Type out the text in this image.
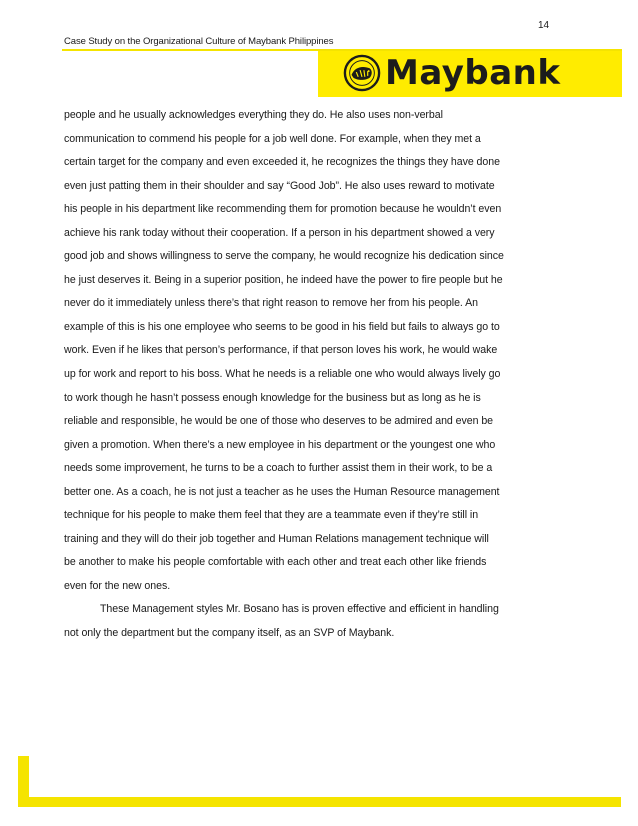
14
Case Study on the Organizational Culture of Maybank Philippines
Maybank

people and he usually acknowledges everything they do. He also uses non-verbal

communication to commend his people for a job well done. For example, when they met a

certain target for the company and even exceeded it, he recognizes the things they have done

even just patting them in their shoulder and say “Good Job”. He also uses reward to motivate

his people in his department like recommending them for promotion because he wouldn’t even

achieve his rank today without their cooperation. If a person in his department showed a very

good job and shows willingness to serve the company, he would recognize his dedication since

he just deserves it. Being in a superior position, he indeed have the power to fire people but he

never do it immediately unless there’s that right reason to remove her from his people. An

example of this is his one employee who seems to be good in his field but fails to always go to

work. Even if he likes that person’s performance, if that person loves his work, he would wake

up for work and report to his boss. What he needs is a reliable one who would always lively go

to work though he hasn’t possess enough knowledge for the business but as long as he is

reliable and responsible, he would be one of those who deserves to be admired and even be

given a promotion. When there’s a new employee in his department or the youngest one who

needs some improvement, he turns to be a coach to further assist them in their work, to be a

better one. As a coach, he is not just a teacher as he uses the Human Resource management

technique for his people to make them feel that they are a teammate even if they’re still in

training and they will do their job together and Human Relations management technique will

be another to make his people comfortable with each other and treat each other like friends

even for the new ones.

These Management styles Mr. Bosano has is proven effective and efficient in handling

not only the department but the company itself, as an SVP of Maybank.
